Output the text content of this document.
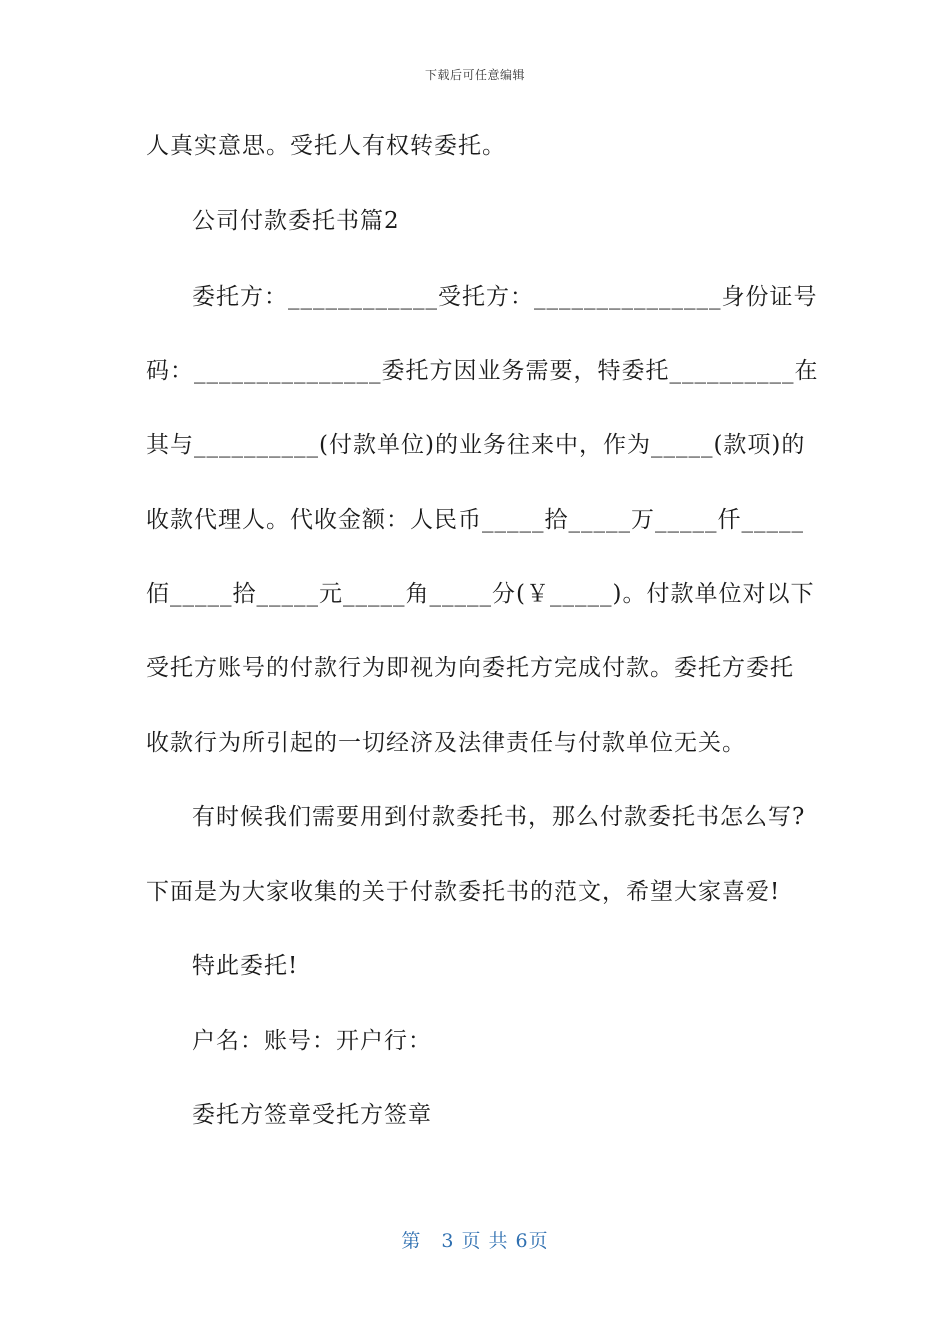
下载后可任意编辑
人真实意思。受托人有权转委托。
公司付款委托书篇2
委托方：____________受托方：_______________身份证号
码：_______________委托方因业务需要，特委托__________在
其与__________(付款单位)的业务往来中，作为_____(款项)的
收款代理人。代收金额：人民币_____拾_____万_____仟_____
佰_____拾_____元_____角_____分(￥_____)。付款单位对以下
受托方账号的付款行为即视为向委托方完成付款。委托方委托
收款行为所引起的一切经济及法律责任与付款单位无关。
有时候我们需要用到付款委托书，那么付款委托书怎么写?
下面是为大家收集的关于付款委托书的范文，希望大家喜爱!
特此委托!
户名：账号：开户行：
委托方签章受托方签章
第　3 页 共 6页
